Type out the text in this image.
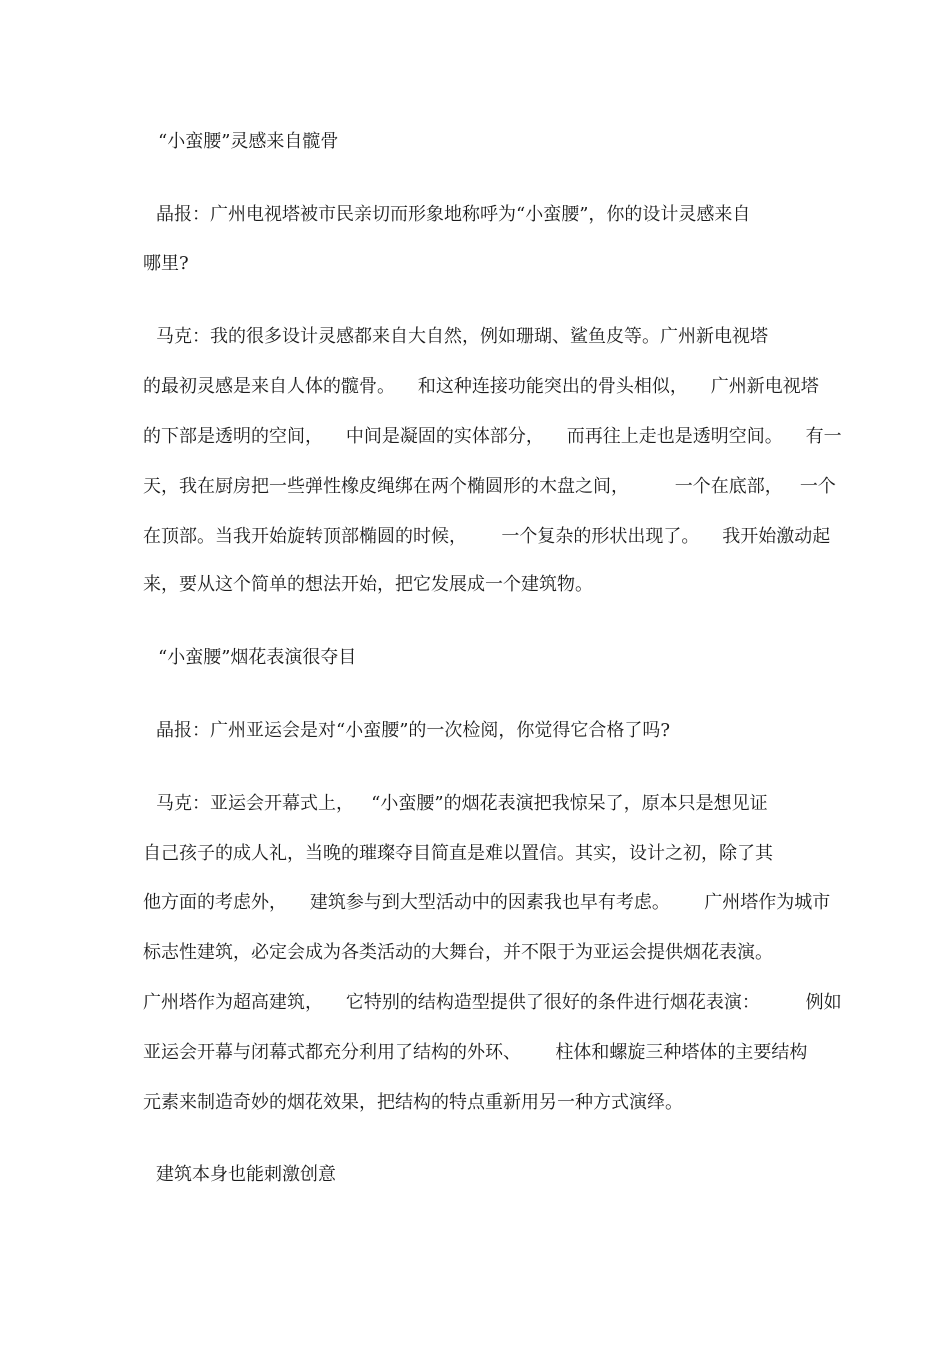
“小蛮腰”灵感来自髋骨

晶报：广州电视塔被市民亲切而形象地称呼为“小蛮腰”，你的设计灵感来自

哪里?

马克：我的很多设计灵感都来自大自然，例如珊瑚、鲨鱼皮等。广州新电视塔

的最初灵感是来自人体的髋骨。    和这种连接功能突出的骨头相似，    广州新电视塔

的下部是透明的空间，    中间是凝固的实体部分，    而再往上走也是透明空间。    有一

天，我在厨房把一些弹性橡皮绳绑在两个椭圆形的木盘之间，        一个在底部，   一个

在顶部。当我开始旋转顶部椭圆的时候，      一个复杂的形状出现了。    我开始激动起

来，要从这个简单的想法开始，把它发展成一个建筑物。

“小蛮腰”烟花表演很夺目

晶报：广州亚运会是对“小蛮腰”的一次检阅，你觉得它合格了吗?

马克：亚运会开幕式上，   “小蛮腰”的烟花表演把我惊呆了，原本只是想见证

自己孩子的成人礼，当晚的璀璨夺目简直是难以置信。其实，设计之初，除了其

他方面的考虑外，    建筑参与到大型活动中的因素我也早有考虑。      广州塔作为城市

标志性建筑，必定会成为各类活动的大舞台，并不限于为亚运会提供烟花表演。

广州塔作为超高建筑，    它特别的结构造型提供了很好的条件进行烟花表演：        例如

亚运会开幕与闭幕式都充分利用了结构的外环、      柱体和螺旋三种塔体的主要结构

元素来制造奇妙的烟花效果，把结构的特点重新用另一种方式演绎。

建筑本身也能刺激创意
